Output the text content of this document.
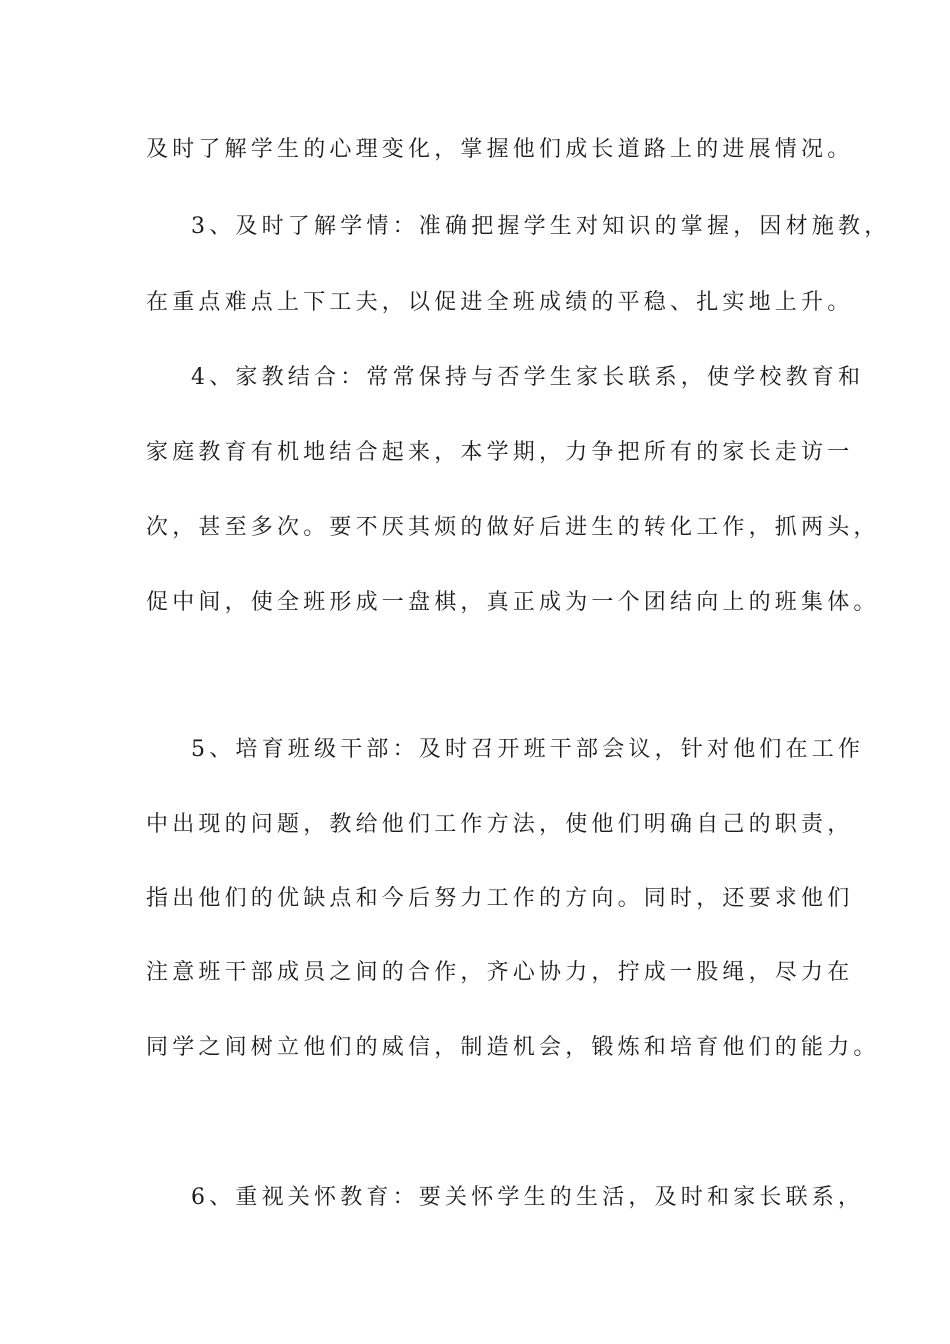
及时了解学生的心理变化，掌握他们成长道路上的进展情况。
3、及时了解学情：准确把握学生对知识的掌握，因材施教，
在重点难点上下工夫，以促进全班成绩的平稳、扎实地上升。
4、家教结合：常常保持与否学生家长联系，使学校教育和
家庭教育有机地结合起来，本学期，力争把所有的家长走访一
次，甚至多次。要不厌其烦的做好后进生的转化工作，抓两头，
促中间，使全班形成一盘棋，真正成为一个团结向上的班集体。
5、培育班级干部：及时召开班干部会议，针对他们在工作
中出现的问题，教给他们工作方法，使他们明确自己的职责，
指出他们的优缺点和今后努力工作的方向。同时，还要求他们
注意班干部成员之间的合作，齐心协力，拧成一股绳，尽力在
同学之间树立他们的威信，制造机会，锻炼和培育他们的能力。
6、重视关怀教育：要关怀学生的生活，及时和家长联系，
